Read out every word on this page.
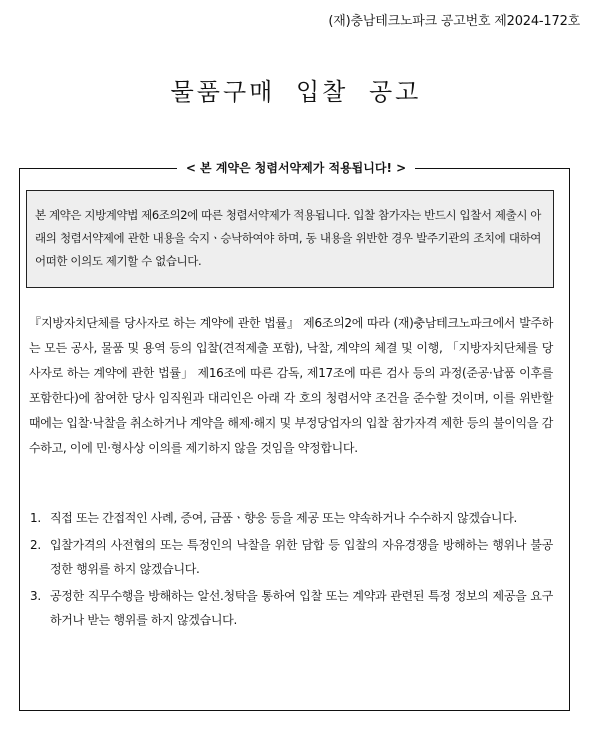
(재)충남테크노파크 공고번호 제2024-172호
물품구매 입찰 공고
< 본 계약은 청렴서약제가 적용됩니다! >
본 계약은 지방계약법 제6조의2에 따른 청렴서약제가 적용됩니다. 입찰 참가자는 반드시 입찰서 제출시 아래의 청렴서약제에 관한 내용을 숙지ㆍ승낙하여야 하며, 동 내용을 위반한 경우 발주기관의 조치에 대하여 어떠한 이의도 제기할 수 없습니다.
『지방자치단체를 당사자로 하는 계약에 관한 법률』 제6조의2에 따라 (재)충남테크노파크에서 발주하는 모든 공사, 물품 및 용역 등의 입찰(견적제출 포함), 낙찰, 계약의 체결 및 이행, 「지방자치단체를 당사자로 하는 계약에 관한 법률」 제16조에 따른 감독, 제17조에 따른 검사 등의 과정(준공·납품 이후를 포함한다)에 참여한 당사 임직원과 대리인은 아래 각 호의 청렴서약 조건을 준수할 것이며, 이를 위반할 때에는 입찰·낙찰을 취소하거나 계약을 해제·해지 및 부정당업자의 입찰 참가자격 제한 등의 불이익을 감수하고, 이에 민·형사상 이의를 제기하지 않을 것임을 약정합니다.
1. 직접 또는 간접적인 사례, 증여, 금품ㆍ향응 등을 제공 또는 약속하거나 수수하지 않겠습니다.
2. 입찰가격의 사전협의 또는 특정인의 낙찰을 위한 담합 등 입찰의 자유경쟁을 방해하는 행위나 불공정한 행위를 하지 않겠습니다.
3. 공정한 직무수행을 방해하는 알선.청탁을 통하여 입찰 또는 계약과 관련된 특정 정보의 제공을 요구하거나 받는 행위를 하지 않겠습니다.
